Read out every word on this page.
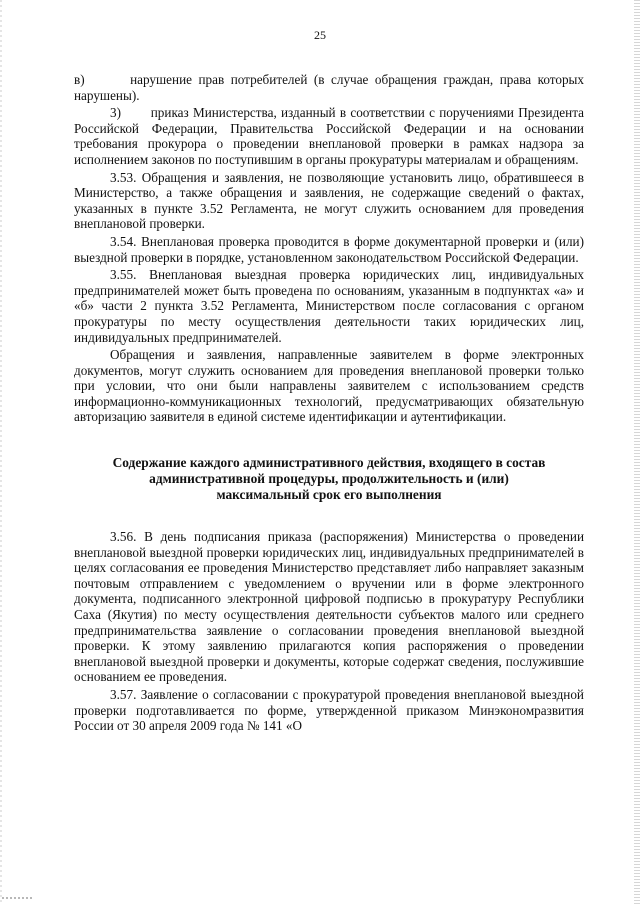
25

в)       нарушение прав потребителей (в случае обращения граждан, права которых нарушены).

3)       приказ Министерства, изданный в соответствии с поручениями Президента Российской Федерации, Правительства Российской Федерации и на основании требования прокурора о проведении внеплановой проверки в рамках надзора за исполнением законов по поступившим в органы прокуратуры материалам и обращениям.

3.53. Обращения и заявления, не позволяющие установить лицо, обратившееся в Министерство, а также обращения и заявления, не содержащие сведений о фактах, указанных в пункте 3.52 Регламента, не могут служить основанием для проведения внеплановой проверки.

3.54. Внеплановая проверка проводится в форме документарной проверки и (или) выездной проверки в порядке, установленном законодательством Российской Федерации.

3.55. Внеплановая выездная проверка юридических лиц, индивидуальных предпринимателей может быть проведена по основаниям, указанным в подпунктах «а» и «б» части 2 пункта 3.52 Регламента, Министерством после согласования с органом прокуратуры по месту осуществления деятельности таких юридических лиц, индивидуальных предпринимателей.

Обращения и заявления, направленные заявителем в форме электронных документов, могут служить основанием для проведения внеплановой проверки только при условии, что они были направлены заявителем с использованием средств информационно-коммуникационных технологий, предусматривающих обязательную авторизацию заявителя в единой системе идентификации и аутентификации.

Содержание каждого административного действия, входящего в состав
административной процедуры, продолжительность и (или)
максимальный срок его выполнения

3.56. В день подписания приказа (распоряжения) Министерства о проведении внеплановой выездной проверки юридических лиц, индивидуальных предпринимателей в целях согласования ее проведения Министерство представляет либо направляет заказным почтовым отправлением с уведомлением о вручении или в форме электронного документа, подписанного электронной цифровой подписью в прокуратуру Республики Саха (Якутия) по месту осуществления деятельности субъектов малого или среднего предпринимательства заявление о согласовании проведения внеплановой выездной проверки. К этому заявлению прилагаются копия распоряжения о проведении внеплановой выездной проверки и документы, которые содержат сведения, послужившие основанием ее проведения.

3.57. Заявление о согласовании с прокуратурой проведения внеплановой выездной проверки подготавливается по форме, утвержденной приказом Минэкономразвития России от 30 апреля 2009 года № 141 «О
